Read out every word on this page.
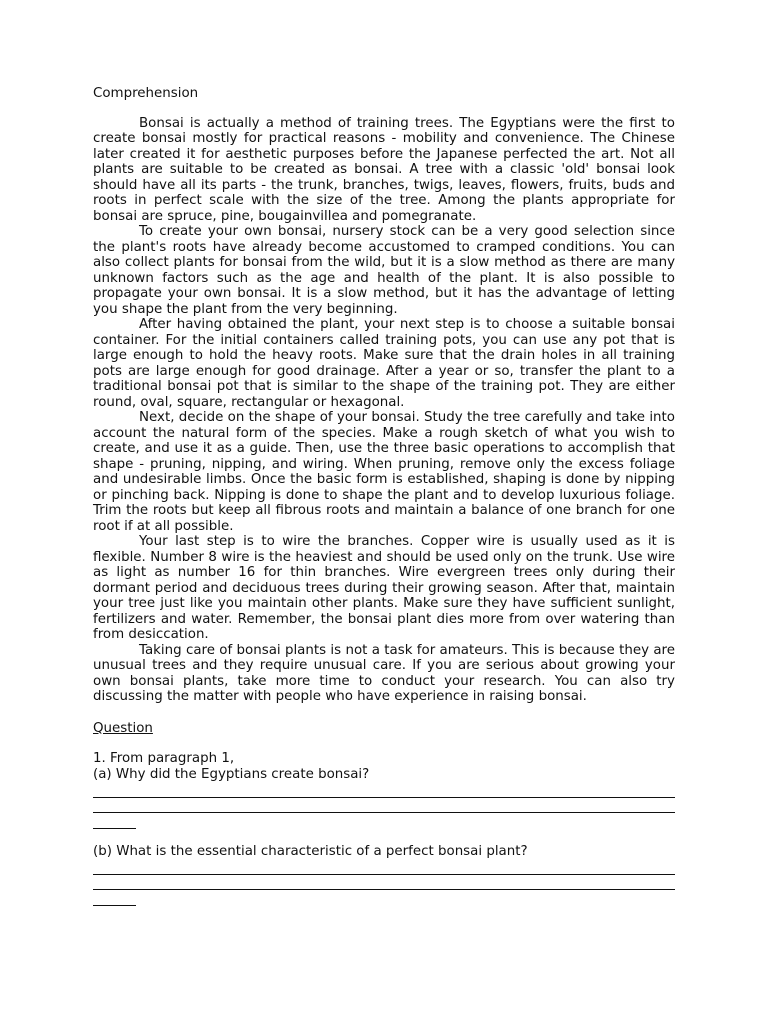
Comprehension

Bonsai is actually a method of training trees. The Egyptians were the first to create bonsai mostly for practical reasons - mobility and convenience. The Chinese later created it for aesthetic purposes before the Japanese perfected the art. Not all plants are suitable to be created as bonsai. A tree with a classic 'old' bonsai look should have all its parts - the trunk, branches, twigs, leaves, flowers, fruits, buds and roots in perfect scale with the size of the tree. Among the plants appropriate for bonsai are spruce, pine, bougainvillea and pomegranate.

To create your own bonsai, nursery stock can be a very good selection since the plant's roots have already become accustomed to cramped conditions. You can also collect plants for bonsai from the wild, but it is a slow method as there are many unknown factors such as the age and health of the plant. It is also possible to propagate your own bonsai. It is a slow method, but it has the advantage of letting you shape the plant from the very beginning.

After having obtained the plant, your next step is to choose a suitable bonsai container. For the initial containers called training pots, you can use any pot that is large enough to hold the heavy roots. Make sure that the drain holes in all training pots are large enough for good drainage. After a year or so, transfer the plant to a traditional bonsai pot that is similar to the shape of the training pot. They are either round, oval, square, rectangular or hexagonal.

Next, decide on the shape of your bonsai. Study the tree carefully and take into account the natural form of the species. Make a rough sketch of what you wish to create, and use it as a guide. Then, use the three basic operations to accomplish that shape - pruning, nipping, and wiring. When pruning, remove only the excess foliage and undesirable limbs. Once the basic form is established, shaping is done by nipping or pinching back. Nipping is done to shape the plant and to develop luxurious foliage. Trim the roots but keep all fibrous roots and maintain a balance of one branch for one root if at all possible.

Your last step is to wire the branches. Copper wire is usually used as it is flexible. Number 8 wire is the heaviest and should be used only on the trunk. Use wire as light as number 16 for thin branches. Wire evergreen trees only during their dormant period and deciduous trees during their growing season. After that, maintain your tree just like you maintain other plants. Make sure they have sufficient sunlight, fertilizers and water. Remember, the bonsai plant dies more from over watering than from desiccation.

Taking care of bonsai plants is not a task for amateurs. This is because they are unusual trees and they require unusual care. If you are serious about growing your own bonsai plants, take more time to conduct your research. You can also try discussing the matter with people who have experience in raising bonsai.

Question

1. From paragraph 1,

(a) Why did the Egyptians create bonsai?

(b) What is the essential characteristic of a perfect bonsai plant?
